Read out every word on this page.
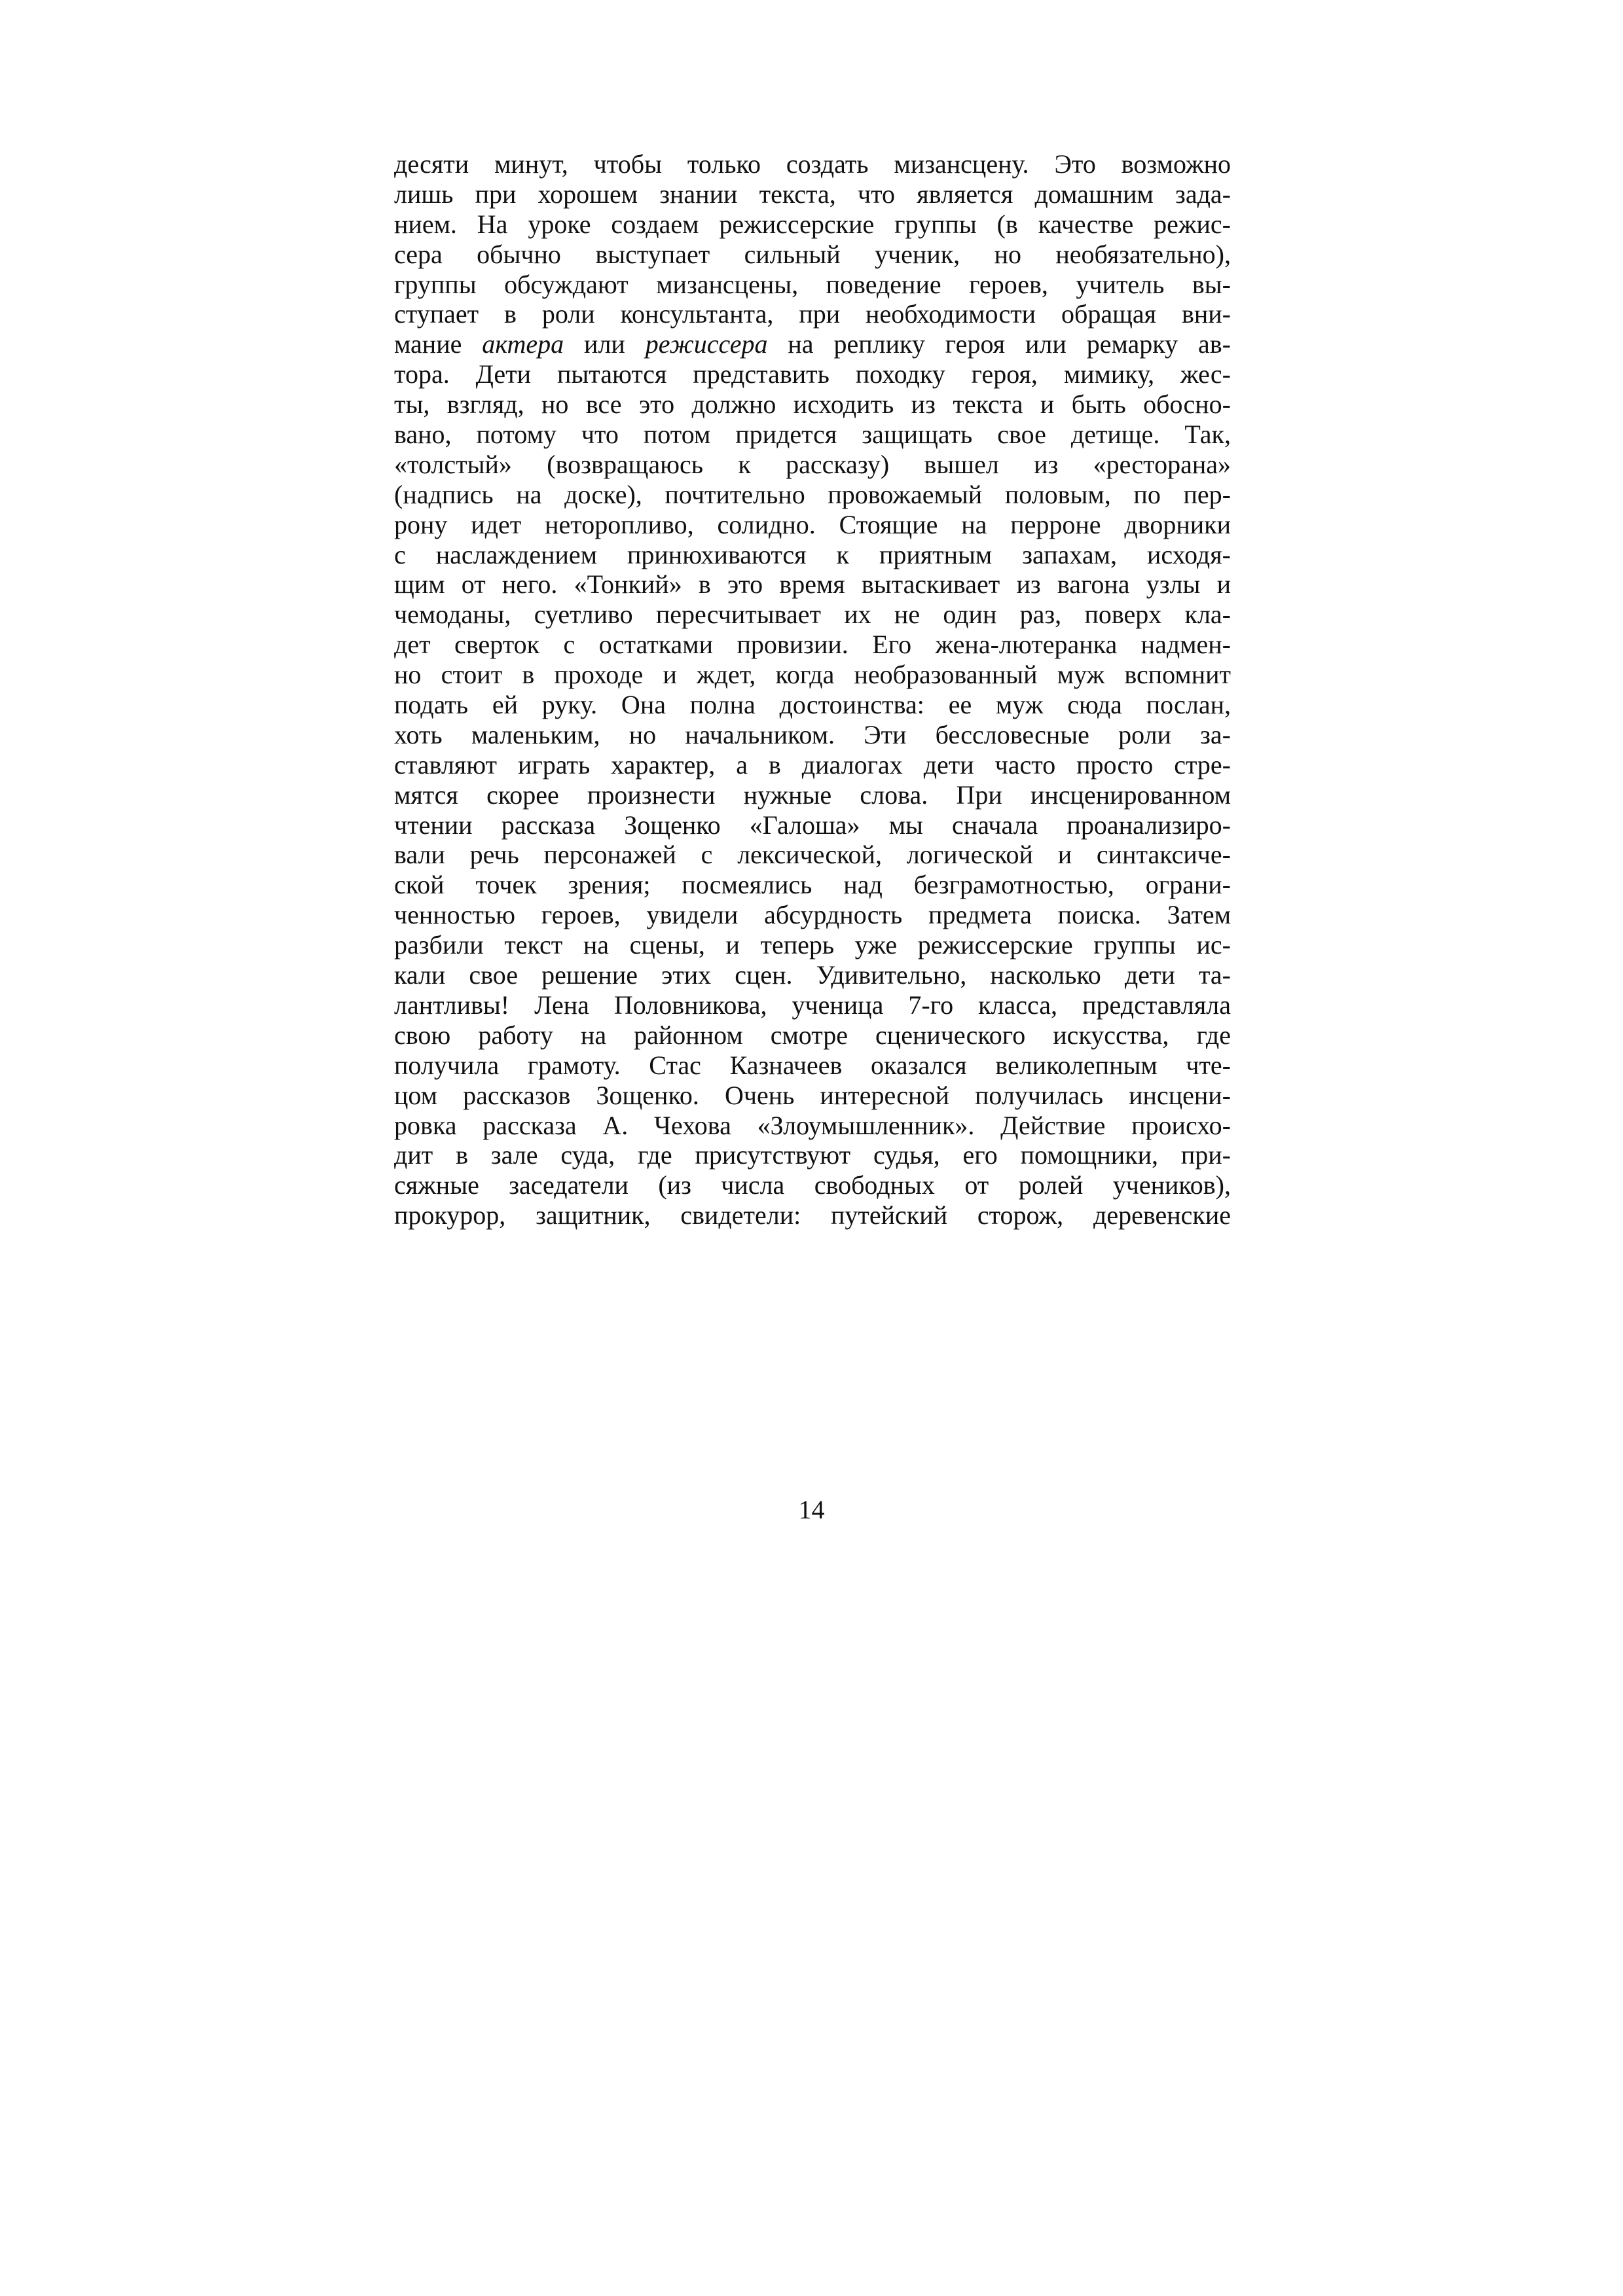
десяти минут, чтобы только создать мизансцену. Это возможно
лишь при хорошем знании текста, что является домашним зада-
нием. На уроке создаем режиссерские группы (в качестве режис-
сера обычно выступает сильный ученик, но необязательно),
группы обсуждают мизансцены, поведение героев, учитель вы-
ступает в роли консультанта, при необходимости обращая вни-
мание актера или режиссера на реплику героя или ремарку ав-
тора. Дети пытаются представить походку героя, мимику, жес-
ты, взгляд, но все это должно исходить из текста и быть обосно-
вано, потому что потом придется защищать свое детище. Так,
«толстый» (возвращаюсь к рассказу) вышел из «ресторана»
(надпись на доске), почтительно провожаемый половым, по пер-
рону идет неторопливо, солидно. Стоящие на перроне дворники
с наслаждением принюхиваются к приятным запахам, исходя-
щим от него. «Тонкий» в это время вытаскивает из вагона узлы и
чемоданы, суетливо пересчитывает их не один раз, поверх кла-
дет сверток с остатками провизии. Его жена-лютеранка надмен-
но стоит в проходе и ждет, когда необразованный муж вспомнит
подать ей руку. Она полна достоинства: ее муж сюда послан,
хоть маленьким, но начальником. Эти бессловесные роли за-
ставляют играть характер, а в диалогах дети часто просто стре-
мятся скорее произнести нужные слова. При инсценированном
чтении рассказа Зощенко «Галоша» мы сначала проанализиро-
вали речь персонажей с лексической, логической и синтаксиче-
ской точек зрения; посмеялись над безграмотностью, ограни-
ченностью героев, увидели абсурдность предмета поиска. Затем
разбили текст на сцены, и теперь уже режиссерские группы ис-
кали свое решение этих сцен. Удивительно, насколько дети та-
лантливы! Лена Половникова, ученица 7-го класса, представляла
свою работу на районном смотре сценического искусства, где
получила грамоту. Стас Казначеев оказался великолепным чте-
цом рассказов Зощенко. Очень интересной получилась инсцени-
ровка рассказа А. Чехова «Злоумышленник». Действие происхо-
дит в зале суда, где присутствуют судья, его помощники, при-
сяжные заседатели (из числа свободных от ролей учеников),
прокурор, защитник, свидетели: путейский сторож, деревенские
14
